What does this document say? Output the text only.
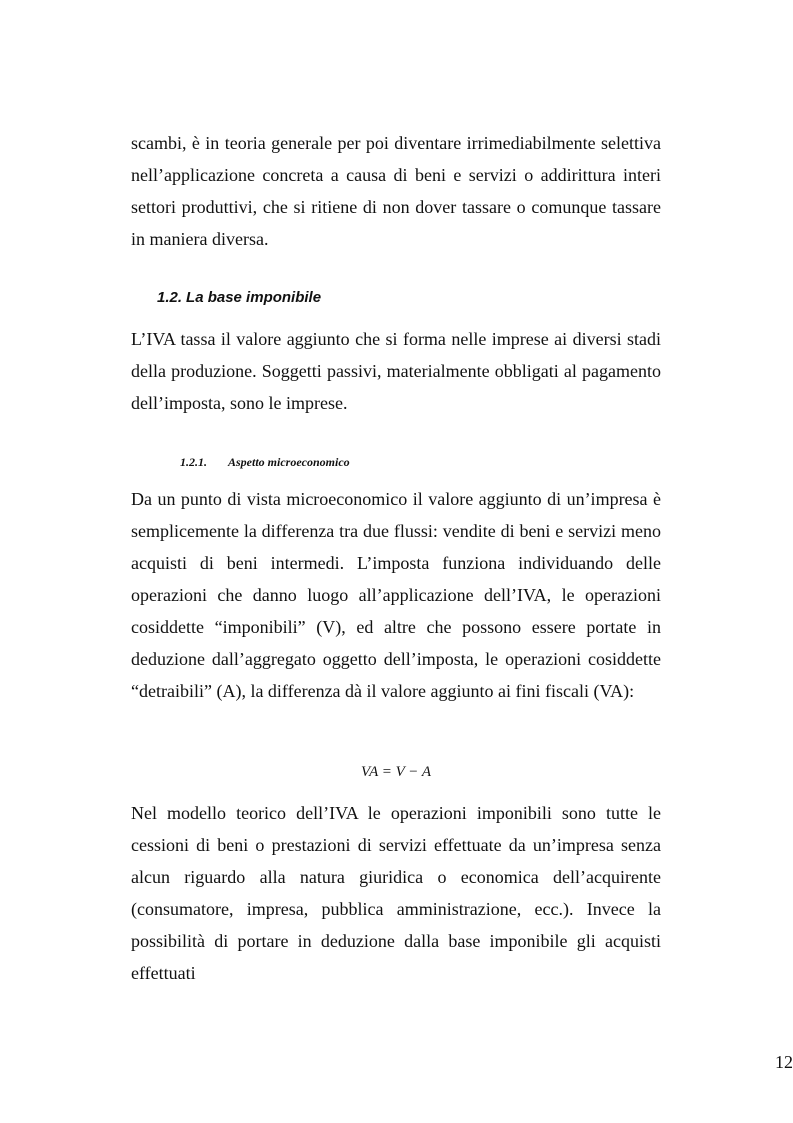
scambi, è in teoria generale per poi diventare irrimediabilmente selettiva nell’applicazione concreta a causa di beni e servizi o addirittura interi settori produttivi, che si ritiene di non dover tassare o comunque tassare in maniera diversa.

1.2. La base imponibile

L’IVA tassa il valore aggiunto che si forma nelle imprese ai diversi stadi della produzione. Soggetti passivi, materialmente obbligati al pagamento dell’imposta, sono le imprese.

1.2.1. Aspetto microeconomico

Da un punto di vista microeconomico il valore aggiunto di un’impresa è semplicemente la differenza tra due flussi: vendite di beni e servizi meno acquisti di beni intermedi. L’imposta funziona individuando delle operazioni che danno luogo all’applicazione dell’IVA, le operazioni cosiddette “imponibili” (V), ed altre che possono essere portate in deduzione dall’aggregato oggetto dell’imposta, le operazioni cosiddette “detraibili” (A), la differenza dà il valore aggiunto ai fini fiscali (VA):

VA = V − A

Nel modello teorico dell’IVA le operazioni imponibili sono tutte le cessioni di beni o prestazioni di servizi effettuate da un’impresa senza alcun riguardo alla natura giuridica o economica dell’acquirente (consumatore, impresa, pubblica amministrazione, ecc.). Invece la possibilità di portare in deduzione dalla base imponibile gli acquisti effettuati

12
